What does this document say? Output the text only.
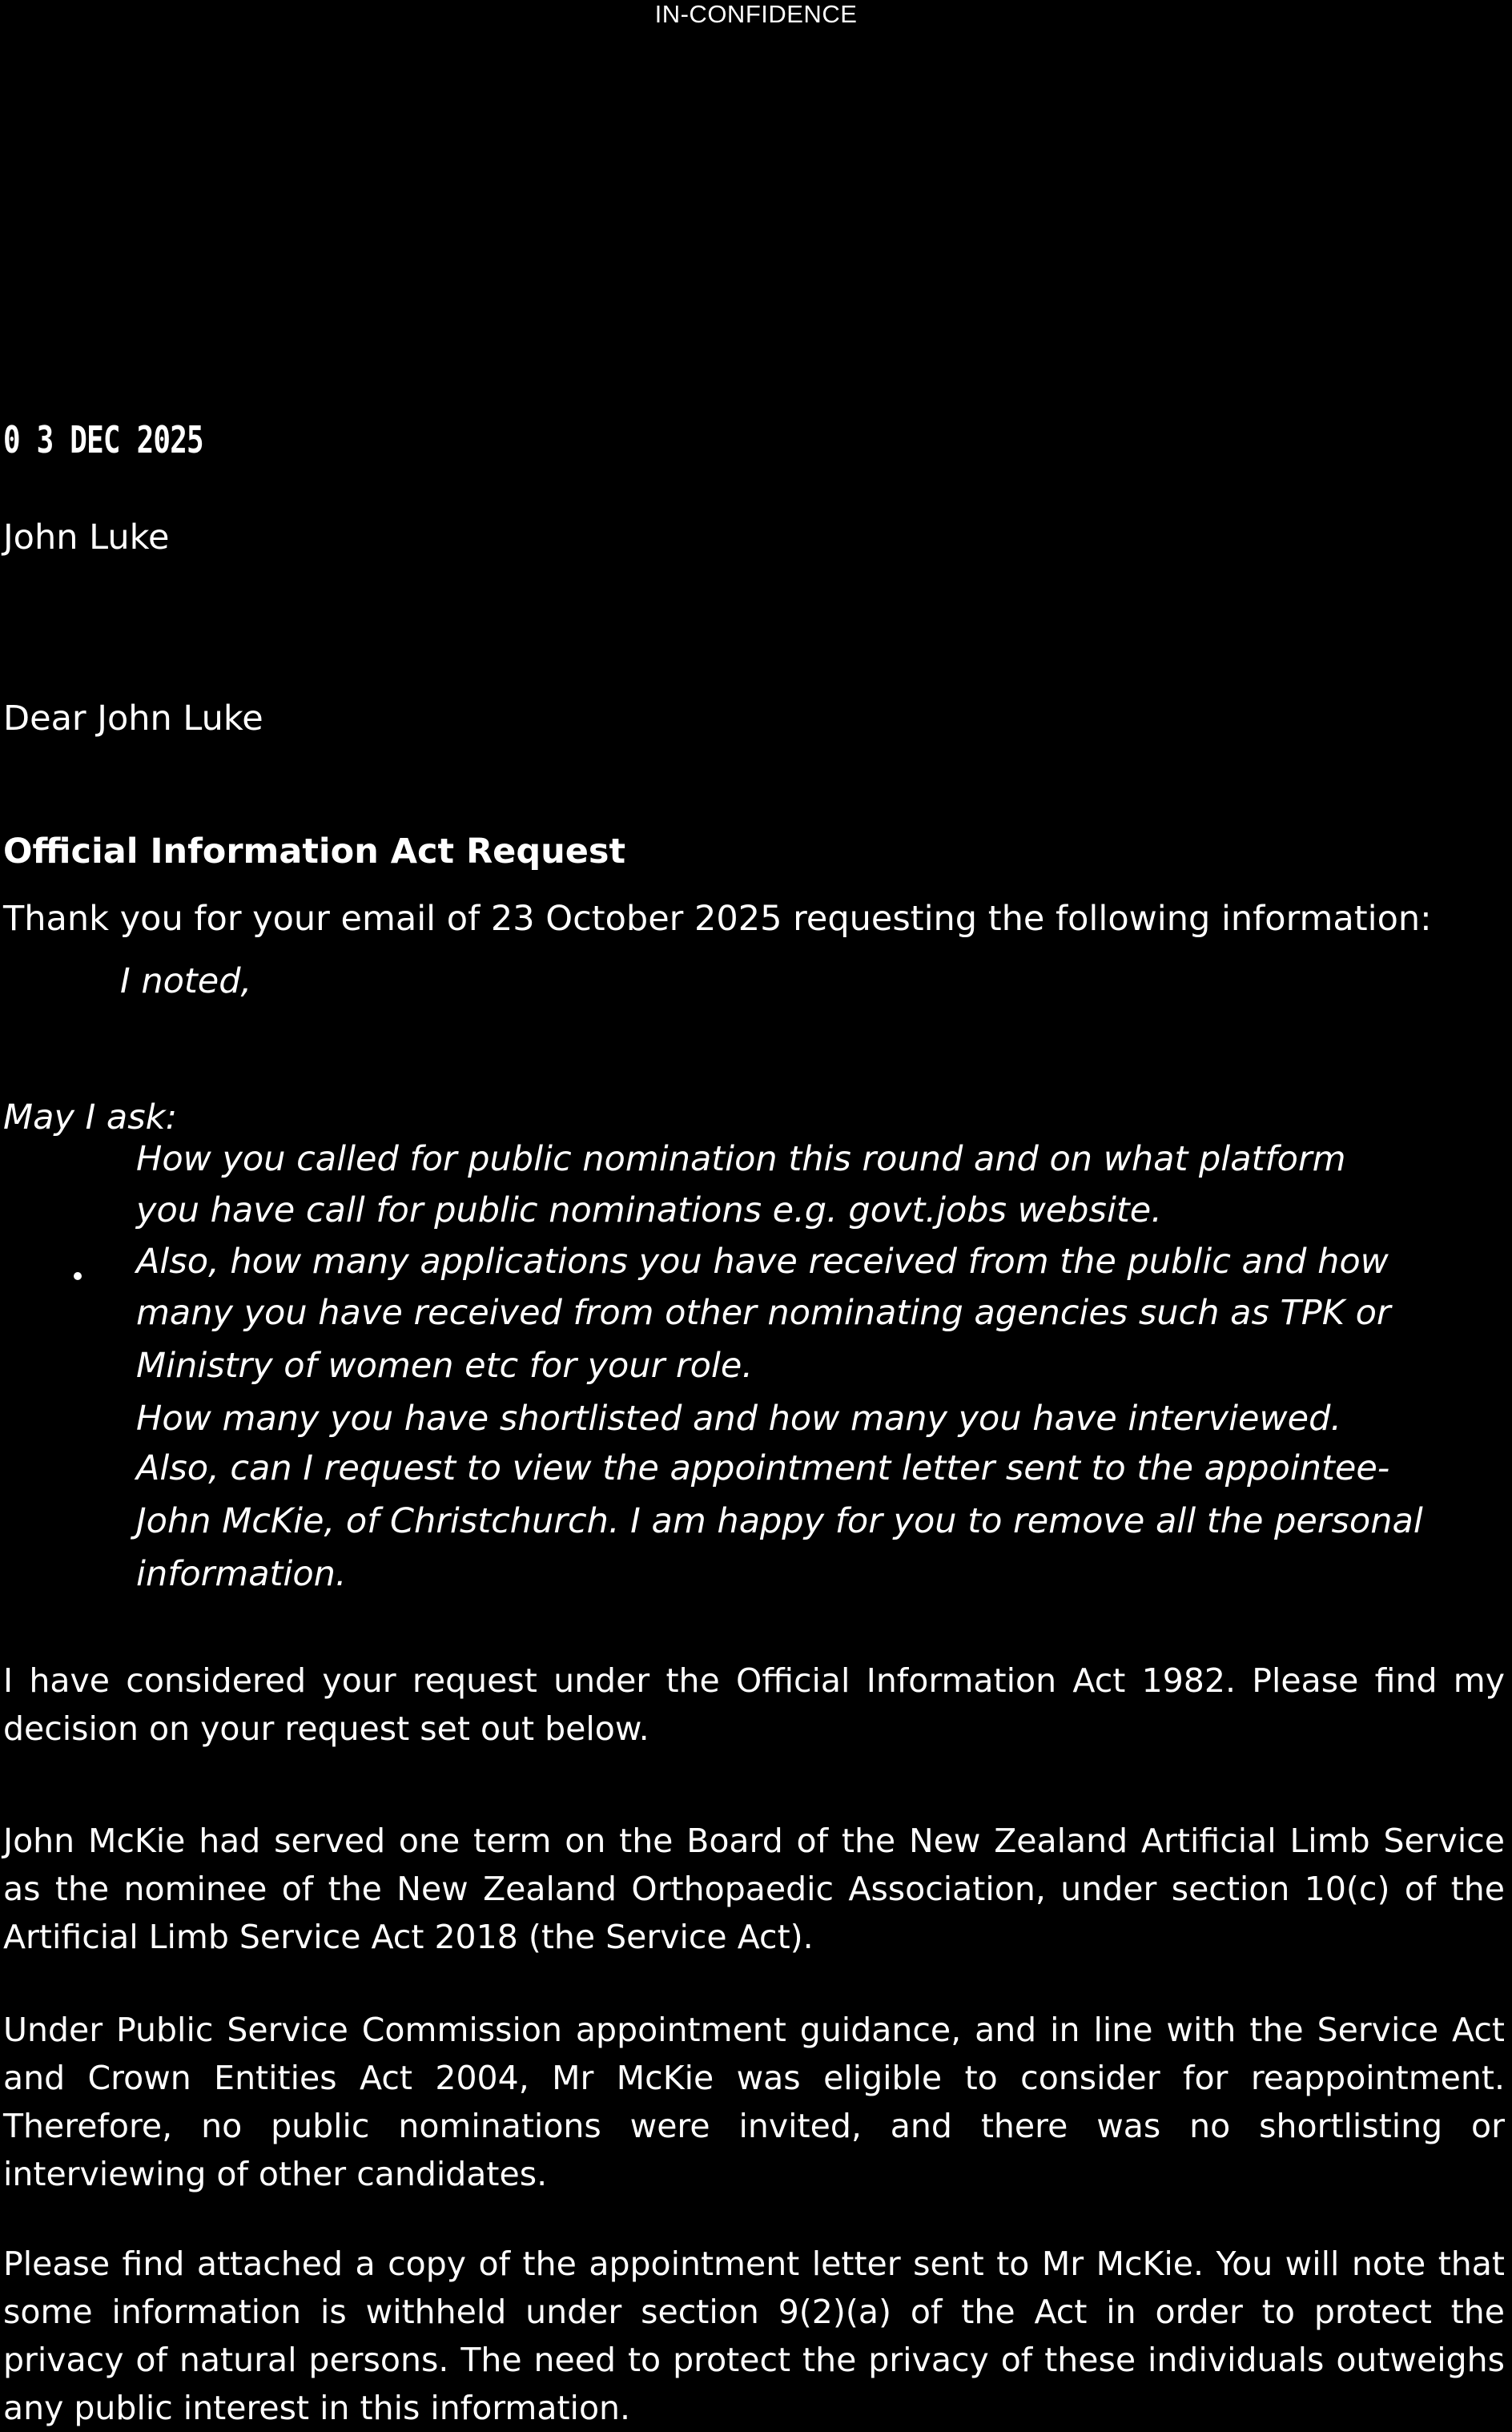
IN-CONFIDENCE
0 3 DEC 2025
John Luke
Dear John Luke
Official Information Act Request
Thank you for your email of 23 October 2025 requesting the following information:
I noted,
May I ask:
How you called for public nomination this round and on what platform
you have call for public nominations e.g. govt.jobs website.
Also, how many applications you have received from the public and how
many you have received from other nominating agencies such as TPK or
Ministry of women etc for your role.
How many you have shortlisted and how many you have interviewed.
Also, can I request to view the appointment letter sent to the appointee-
John McKie, of Christchurch. I am happy for you to remove all the personal
information.
I have considered your request under the Official Information Act 1982. Please find my decision on your request set out below.
John McKie had served one term on the Board of the New Zealand Artificial Limb Service as the nominee of the New Zealand Orthopaedic Association, under section 10(c) of the Artificial Limb Service Act 2018 (the Service Act).
Under Public Service Commission appointment guidance, and in line with the Service Act and Crown Entities Act 2004, Mr McKie was eligible to consider for reappointment. Therefore, no public nominations were invited, and there was no shortlisting or interviewing of other candidates.
Please find attached a copy of the appointment letter sent to Mr McKie. You will note that some information is withheld under section 9(2)(a) of the Act in order to protect the privacy of natural persons. The need to protect the privacy of these individuals outweighs any public interest in this information.
